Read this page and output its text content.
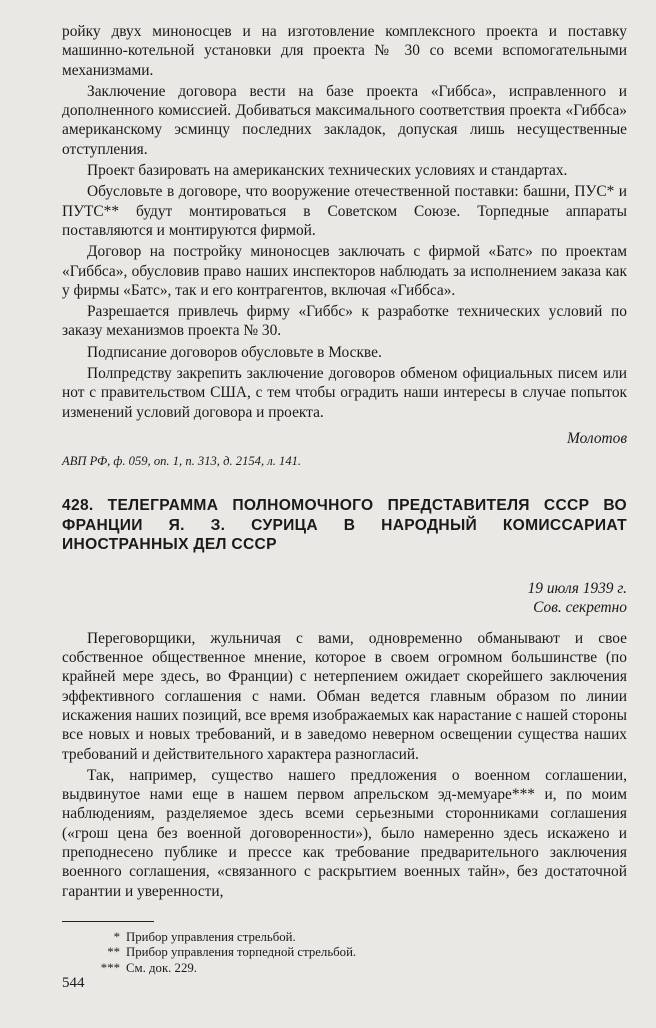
ройку двух миноносцев и на изготовление комплексного проекта и поставку машинно-котельной установки для проекта № 30 со всеми вспомогательными механизмами.

Заключение договора вести на базе проекта «Гиббса», исправленного и дополненного комиссией. Добиваться максимального соответствия проекта «Гиббса» американскому эсминцу последних закладок, допуская лишь несущественные отступления.

Проект базировать на американских технических условиях и стандартах.

Обусловьте в договоре, что вооружение отечественной поставки: башни, ПУС* и ПУТС** будут монтироваться в Советском Союзе. Торпедные аппараты поставляются и монтируются фирмой.

Договор на постройку миноносцев заключать с фирмой «Батс» по проектам «Гиббса», обусловив право наших инспекторов наблюдать за исполнением заказа как у фирмы «Батс», так и его контрагентов, включая «Гиббса».

Разрешается привлечь фирму «Гиббс» к разработке технических условий по заказу механизмов проекта № 30.

Подписание договоров обусловьте в Москве.

Полпредству закрепить заключение договоров обменом официальных писем или нот с правительством США, с тем чтобы оградить наши интересы в случае попыток изменений условий договора и проекта.

Молотов
АВП РФ, ф. 059, оп. 1, п. 313, д. 2154, л. 141.
428. ТЕЛЕГРАММА ПОЛНОМОЧНОГО ПРЕДСТАВИТЕЛЯ СССР ВО ФРАНЦИИ Я. З. СУРИЦА В НАРОДНЫЙ КОМИССАРИАТ ИНОСТРАННЫХ ДЕЛ СССР
19 июля 1939 г.
Сов. секретно

Переговорщики, жульничая с вами, одновременно обманывают и свое собственное общественное мнение, которое в своем огромном большинстве (по крайней мере здесь, во Франции) с нетерпением ожидает скорейшего заключения эффективного соглашения с нами. Обман ведется главным образом по линии искажения наших позиций, все время изображаемых как нарастание с нашей стороны все новых и новых требований, и в заведомо неверном освещении существа наших требований и действительного характера разногласий.

Так, например, существо нашего предложения о военном соглашении, выдвинутое нами еще в нашем первом апрельском эд-мемуаре*** и, по моим наблюдениям, разделяемое здесь всеми серьезными сторонниками соглашения («грош цена без военной договоренности»), было намеренно здесь искажено и преподнесено публике и прессе как требование предварительного заключения военного соглашения, «связанного с раскрытием военных тайн», без достаточной гарантии и уверенности,

* Прибор управления стрельбой.
** Прибор управления торпедной стрельбой.
*** См. док. 229.
544
